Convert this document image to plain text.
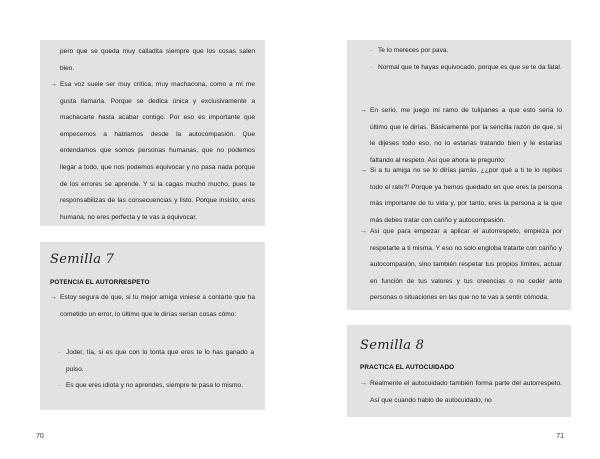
pero que se queda muy calladita siempre que los cosas salen bien.
→ Esa voz suele ser muy crítica, muy machacona, como a mí me gusta llamarla. Porque se dedica única y exclusivamente a machacarte hasta acabar contigo. Por eso es importante que empecemos a hablarnos desde la autocompasión. Que entendamos que somos personas humanas, que no podemos llegar a todo, que nos podemos equivocar y no pasa nada porque de los errores se aprende. Y si la cagas mucho mucho, pues te responsabilizas de las consecuencias y listo. Porque insisto, eres humana, no eres perfecta y te vas a equivocar.
Semilla 7
POTENCIA EL AUTORRESPETO
→ Estoy segura de que, si tu mejor amiga viniese a contarte que ha cometido un error, lo último que le dirías serían cosas cómo:
· Joder, tía, si es que con lo tonta que eres te lo has ganado a pulso.
· Es que eres idiota y no aprendes, siempre te pasa lo mismo.
70
· Te lo mereces por pava.
· Normal que te hayas equivocado, porque es que se te da fatal.
→ En serio, me juego mi ramo de tulipanes a que esto sería lo último que le dirías. Básicamente por la sencilla razón de que, si le dijeses todo eso, no lo estarías tratando bien y le estarías faltando al respeto. Así que ahora te pregunto:
→ Si a tu amiga no se lo dirías jamás, ¿¿por qué a ti te lo repites todo el rato?! Porque ya hemos quedado en que eres la persona más importante de tu vida y, por tanto, eres la persona a la que más debes tratar con cariño y autocompasión.
→ Así que para empezar a aplicar el autorrespeto, empieza por respetarte a ti misma. Y eso no solo engloba tratarte con cariño y autocompasión, sino también respetar tus propios límites, actuar en función de tus valores y tus creencias o no ceder ante personas o situaciones en las que no te vas a sentir cómoda.
Semilla 8
PRACTICA EL AUTOCUIDADO
→ Realmente el autocuidado también forma parte del autorrespeto. Así que cuando hablo de autocuidado, no
71
